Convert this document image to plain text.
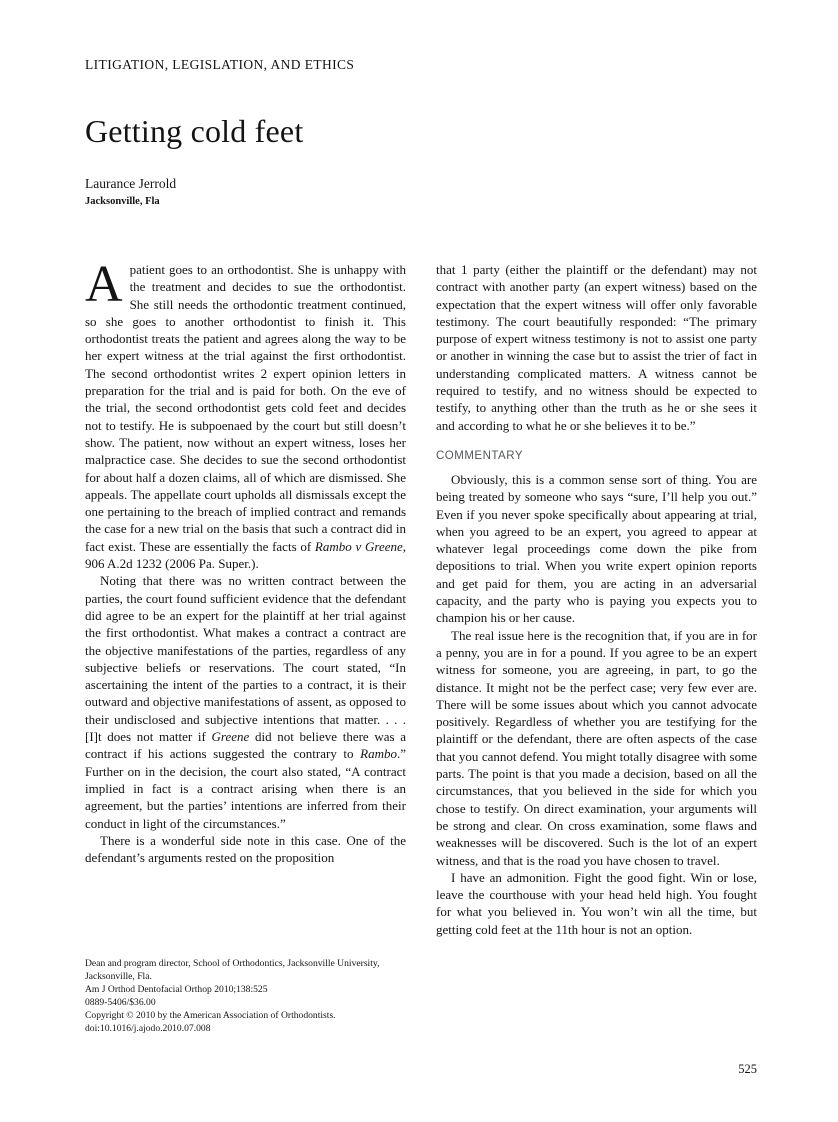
LITIGATION, LEGISLATION, AND ETHICS
Getting cold feet
Laurance Jerrold
Jacksonville, Fla

Apatient goes to an orthodontist. She is unhappy with the treatment and decides to sue the orthodontist. She still needs the orthodontic treatment continued, so she goes to another orthodontist to finish it. This orthodontist treats the patient and agrees along the way to be her expert witness at the trial against the first orthodontist. The second orthodontist writes 2 expert opinion letters in preparation for the trial and is paid for both. On the eve of the trial, the second orthodontist gets cold feet and decides not to testify. He is subpoenaed by the court but still doesn’t show. The patient, now without an expert witness, loses her malpractice case. She decides to sue the second orthodontist for about half a dozen claims, all of which are dismissed. She appeals. The appellate court upholds all dismissals except the one pertaining to the breach of implied contract and remands the case for a new trial on the basis that such a contract did in fact exist. These are essentially the facts of Rambo v Greene, 906 A.2d 1232 (2006 Pa. Super.).

Noting that there was no written contract between the parties, the court found sufficient evidence that the defendant did agree to be an expert for the plaintiff at her trial against the first orthodontist. What makes a contract a contract are the objective manifestations of the parties, regardless of any subjective beliefs or reservations. The court stated, “In ascertaining the intent of the parties to a contract, it is their outward and objective manifestations of assent, as opposed to their undisclosed and subjective intentions that matter. . . . [I]t does not matter if Greene did not believe there was a contract if his actions suggested the contrary to Rambo.” Further on in the decision, the court also stated, “A contract implied in fact is a contract arising when there is an agreement, but the parties’ intentions are inferred from their conduct in light of the circumstances.”

There is a wonderful side note in this case. One of the defendant’s arguments rested on the proposition

Dean and program director, School of Orthodontics, Jacksonville University, Jacksonville, Fla.
Am J Orthod Dentofacial Orthop 2010;138:525
0889-5406/$36.00
Copyright © 2010 by the American Association of Orthodontists.
doi:10.1016/j.ajodo.2010.07.008

that 1 party (either the plaintiff or the defendant) may not contract with another party (an expert witness) based on the expectation that the expert witness will offer only favorable testimony. The court beautifully responded: “The primary purpose of expert witness testimony is not to assist one party or another in winning the case but to assist the trier of fact in understanding complicated matters. A witness cannot be required to testify, and no witness should be expected to testify, to anything other than the truth as he or she sees it and according to what he or she believes it to be.”

COMMENTARY

Obviously, this is a common sense sort of thing. You are being treated by someone who says “sure, I’ll help you out.” Even if you never spoke specifically about appearing at trial, when you agreed to be an expert, you agreed to appear at whatever legal proceedings come down the pike from depositions to trial. When you write expert opinion reports and get paid for them, you are acting in an adversarial capacity, and the party who is paying you expects you to champion his or her cause.

The real issue here is the recognition that, if you are in for a penny, you are in for a pound. If you agree to be an expert witness for someone, you are agreeing, in part, to go the distance. It might not be the perfect case; very few ever are. There will be some issues about which you cannot advocate positively. Regardless of whether you are testifying for the plaintiff or the defendant, there are often aspects of the case that you cannot defend. You might totally disagree with some parts. The point is that you made a decision, based on all the circumstances, that you believed in the side for which you chose to testify. On direct examination, your arguments will be strong and clear. On cross examination, some flaws and weaknesses will be discovered. Such is the lot of an expert witness, and that is the road you have chosen to travel.

I have an admonition. Fight the good fight. Win or lose, leave the courthouse with your head held high. You fought for what you believed in. You won’t win all the time, but getting cold feet at the 11th hour is not an option.

525
